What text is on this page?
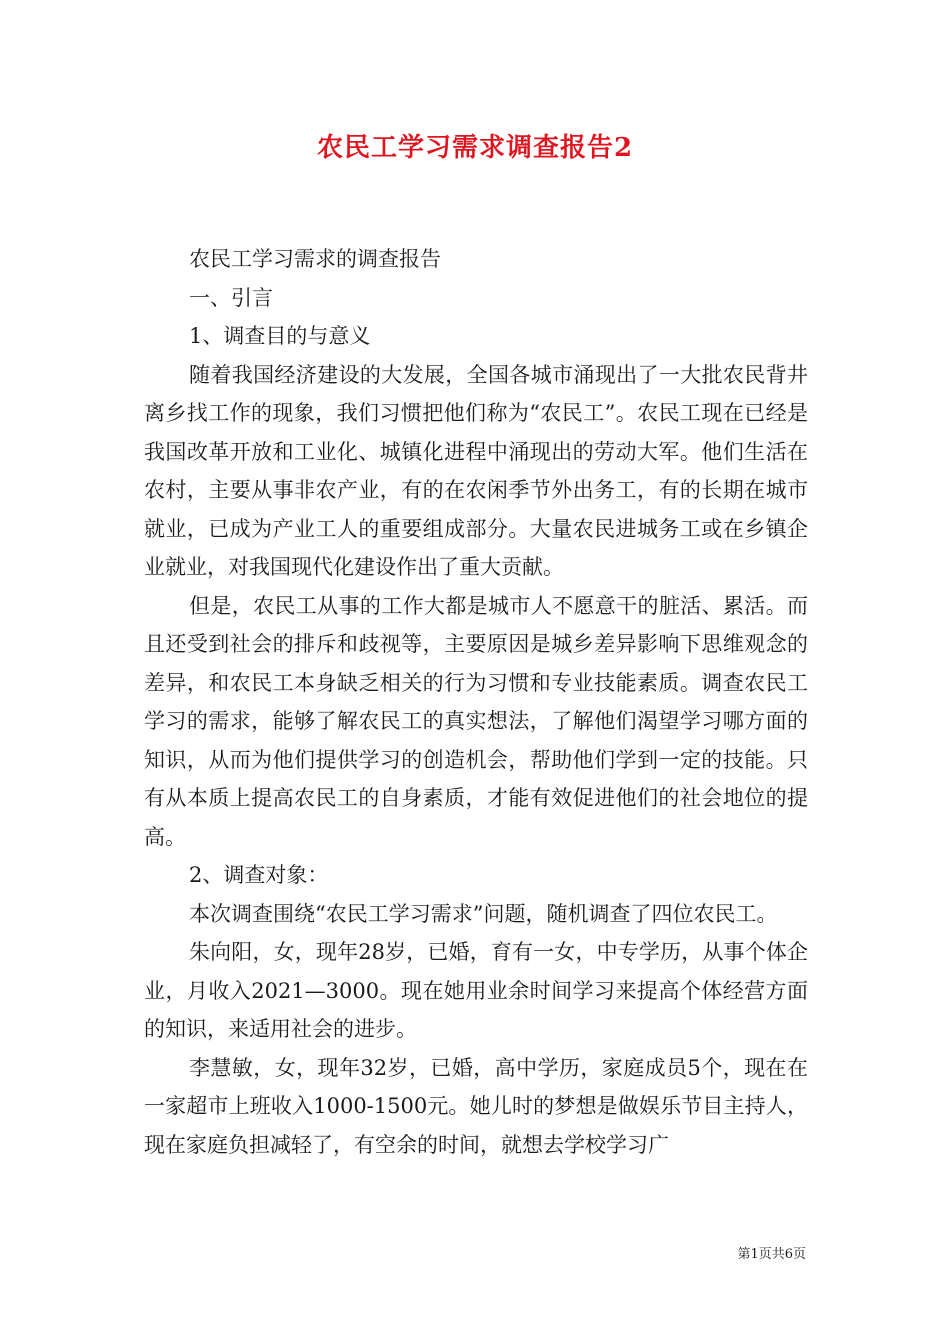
农民工学习需求调查报告2

农民工学习需求的调查报告

一、引言

1、调查目的与意义

随着我国经济建设的大发展，全国各城市涌现出了一大批农民背井离乡找工作的现象，我们习惯把他们称为“农民工”。农民工现在已经是我国改革开放和工业化、城镇化进程中涌现出的劳动大军。他们生活在农村，主要从事非农产业，有的在农闲季节外出务工，有的长期在城市就业，已成为产业工人的重要组成部分。大量农民进城务工或在乡镇企业就业，对我国现代化建设作出了重大贡献。

但是，农民工从事的工作大都是城市人不愿意干的脏活、累活。而且还受到社会的排斥和歧视等，主要原因是城乡差异影响下思维观念的差异，和农民工本身缺乏相关的行为习惯和专业技能素质。调查农民工学习的需求，能够了解农民工的真实想法，了解他们渴望学习哪方面的知识，从而为他们提供学习的创造机会，帮助他们学到一定的技能。只有从本质上提高农民工的自身素质，才能有效促进他们的社会地位的提高。

2、调查对象：

本次调查围绕“农民工学习需求”问题，随机调查了四位农民工。

朱向阳，女，现年28岁，已婚，育有一女，中专学历，从事个体企业，月收入2021—3000。现在她用业余时间学习来提高个体经营方面的知识，来适用社会的进步。

李慧敏，女，现年32岁，已婚，高中学历，家庭成员5个，现在在一家超市上班收入1000-1500元。她儿时的梦想是做娱乐节目主持人，现在家庭负担减轻了，有空余的时间，就想去学校学习广

第1页共6页
